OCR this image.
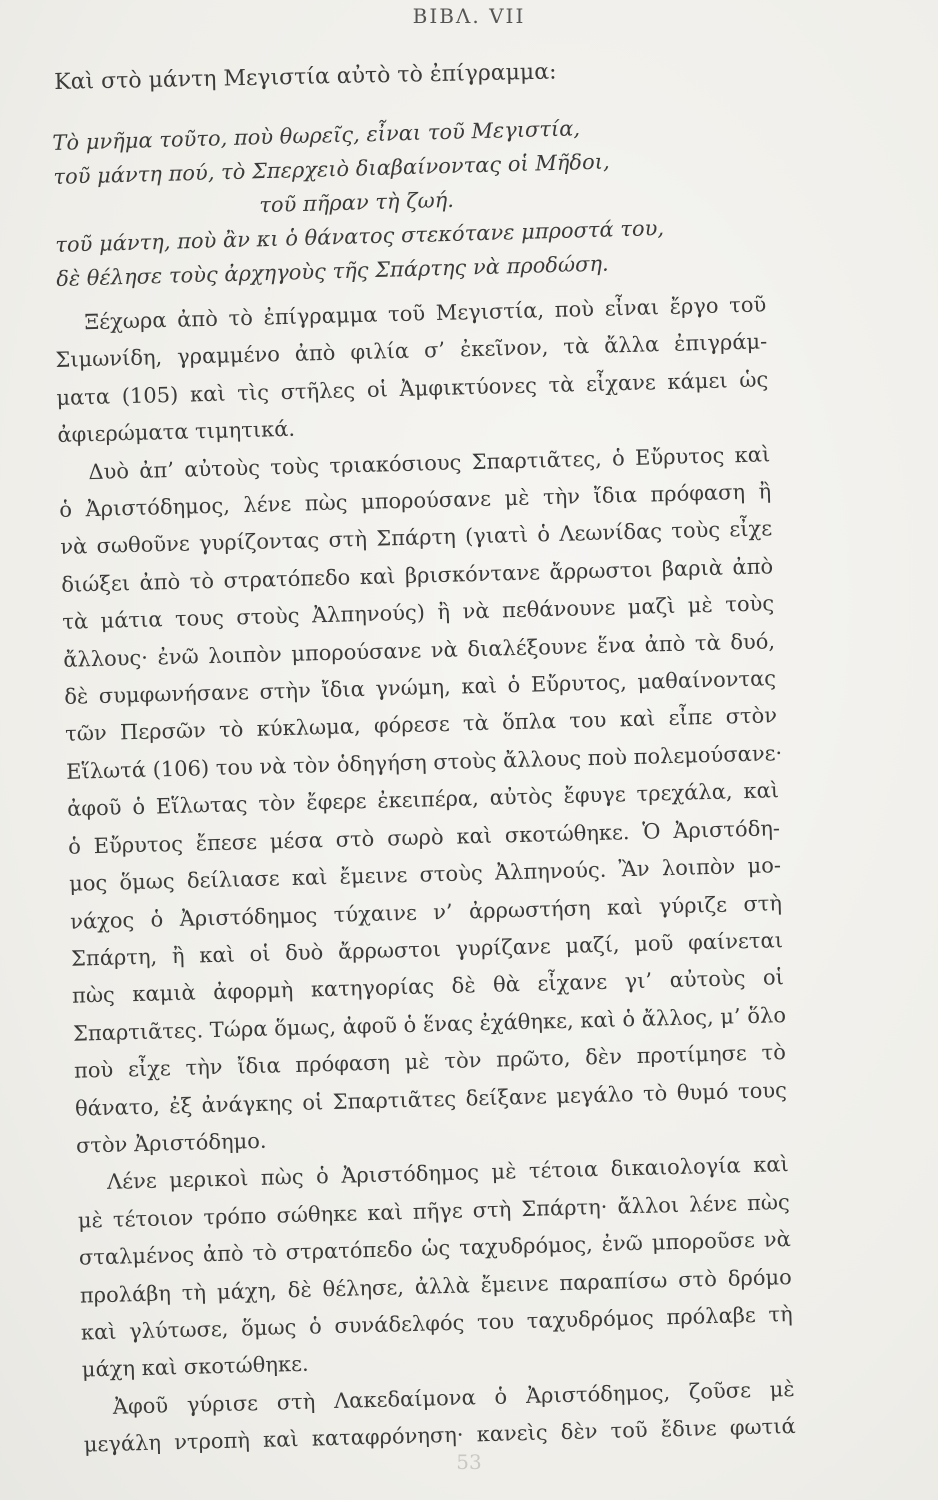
ΒΙΒΛ. VII
Καὶ στὸ μάντη Μεγιστία αὐτὸ τὸ ἐπίγραμμα:
Τὸ μνῆμα τοῦτο, ποὺ θωρεῖς, εἶναι τοῦ Μεγιστία,
τοῦ μάντη πού, τὸ Σπερχειὸ διαβαίνοντας οἱ Μῆδοι,
τοῦ πῆραν τὴ ζωή.
τοῦ μάντη, ποὺ ἂν κι ὁ θάνατος στεκότανε μπροστά του,
δὲ θέλησε τοὺς ἀρχηγοὺς τῆς Σπάρτης νὰ προδώση.
Ξέχωρα ἀπὸ τὸ ἐπίγραμμα τοῦ Μεγιστία, ποὺ εἶναι ἔργο τοῦ
Σιμωνίδη, γραμμένο ἀπὸ φιλία σ’ ἐκεῖνον, τὰ ἄλλα ἐπιγράμ-
ματα (105) καὶ τὶς στῆλες οἱ Ἀμφικτύονες τὰ εἶχανε κάμει ὡς
ἀφιερώματα τιμητικά.
Δυὸ ἀπ’ αὐτοὺς τοὺς τριακόσιους Σπαρτιᾶτες, ὁ Εὔρυτος καὶ
ὁ Ἀριστόδημος, λένε πὼς μπορούσανε μὲ τὴν ἴδια πρόφαση ἢ
νὰ σωθοῦνε γυρίζοντας στὴ Σπάρτη (γιατὶ ὁ Λεωνίδας τοὺς εἶχε
διώξει ἀπὸ τὸ στρατόπεδο καὶ βρισκόντανε ἄρρωστοι βαριὰ ἀπὸ
τὰ μάτια τους στοὺς Ἀλπηνούς) ἢ νὰ πεθάνουνε μαζὶ μὲ τοὺς
ἄλλους· ἐνῶ λοιπὸν μπορούσανε νὰ διαλέξουνε ἕνα ἀπὸ τὰ δυό,
δὲ συμφωνήσανε στὴν ἴδια γνώμη, καὶ ὁ Εὔρυτος, μαθαίνοντας
τῶν Περσῶν τὸ κύκλωμα, φόρεσε τὰ ὅπλα του καὶ εἶπε στὸν
Εἵλωτά (106) του νὰ τὸν ὁδηγήση στοὺς ἄλλους ποὺ πολεμούσανε·
ἀφοῦ ὁ Εἵλωτας τὸν ἔφερε ἐκειπέρα, αὐτὸς ἔφυγε τρεχάλα, καὶ
ὁ Εὔρυτος ἔπεσε μέσα στὸ σωρὸ καὶ σκοτώθηκε. Ὁ Ἀριστόδη-
μος ὅμως δείλιασε καὶ ἔμεινε στοὺς Ἀλπηνούς. Ἂν λοιπὸν μο-
νάχος ὁ Ἀριστόδημος τύχαινε ν’ ἀρρωστήση καὶ γύριζε στὴ
Σπάρτη, ἢ καὶ οἱ δυὸ ἄρρωστοι γυρίζανε μαζί, μοῦ φαίνεται
πὼς καμιὰ ἀφορμὴ κατηγορίας δὲ θὰ εἶχανε γι’ αὐτοὺς οἱ
Σπαρτιᾶτες. Τώρα ὅμως, ἀφοῦ ὁ ἕνας ἐχάθηκε, καὶ ὁ ἄλλος, μ’ ὅλο
ποὺ εἶχε τὴν ἴδια πρόφαση μὲ τὸν πρῶτο, δὲν προτίμησε τὸ
θάνατο, ἐξ ἀνάγκης οἱ Σπαρτιᾶτες δείξανε μεγάλο τὸ θυμό τους
στὸν Ἀριστόδημο.
Λένε μερικοὶ πὼς ὁ Ἀριστόδημος μὲ τέτοια δικαιολογία καὶ
μὲ τέτοιον τρόπο σώθηκε καὶ πῆγε στὴ Σπάρτη· ἄλλοι λένε πὼς
σταλμένος ἀπὸ τὸ στρατόπεδο ὡς ταχυδρόμος, ἐνῶ μποροῦσε νὰ
προλάβη τὴ μάχη, δὲ θέλησε, ἀλλὰ ἔμεινε παραπίσω στὸ δρόμο
καὶ γλύτωσε, ὅμως ὁ συνάδελφός του ταχυδρόμος πρόλαβε τὴ
μάχη καὶ σκοτώθηκε.
Ἀφοῦ γύρισε στὴ Λακεδαίμονα ὁ Ἀριστόδημος, ζοῦσε μὲ
μεγάλη ντροπὴ καὶ καταφρόνηση· κανεὶς δὲν τοῦ ἔδινε φωτιά
53
